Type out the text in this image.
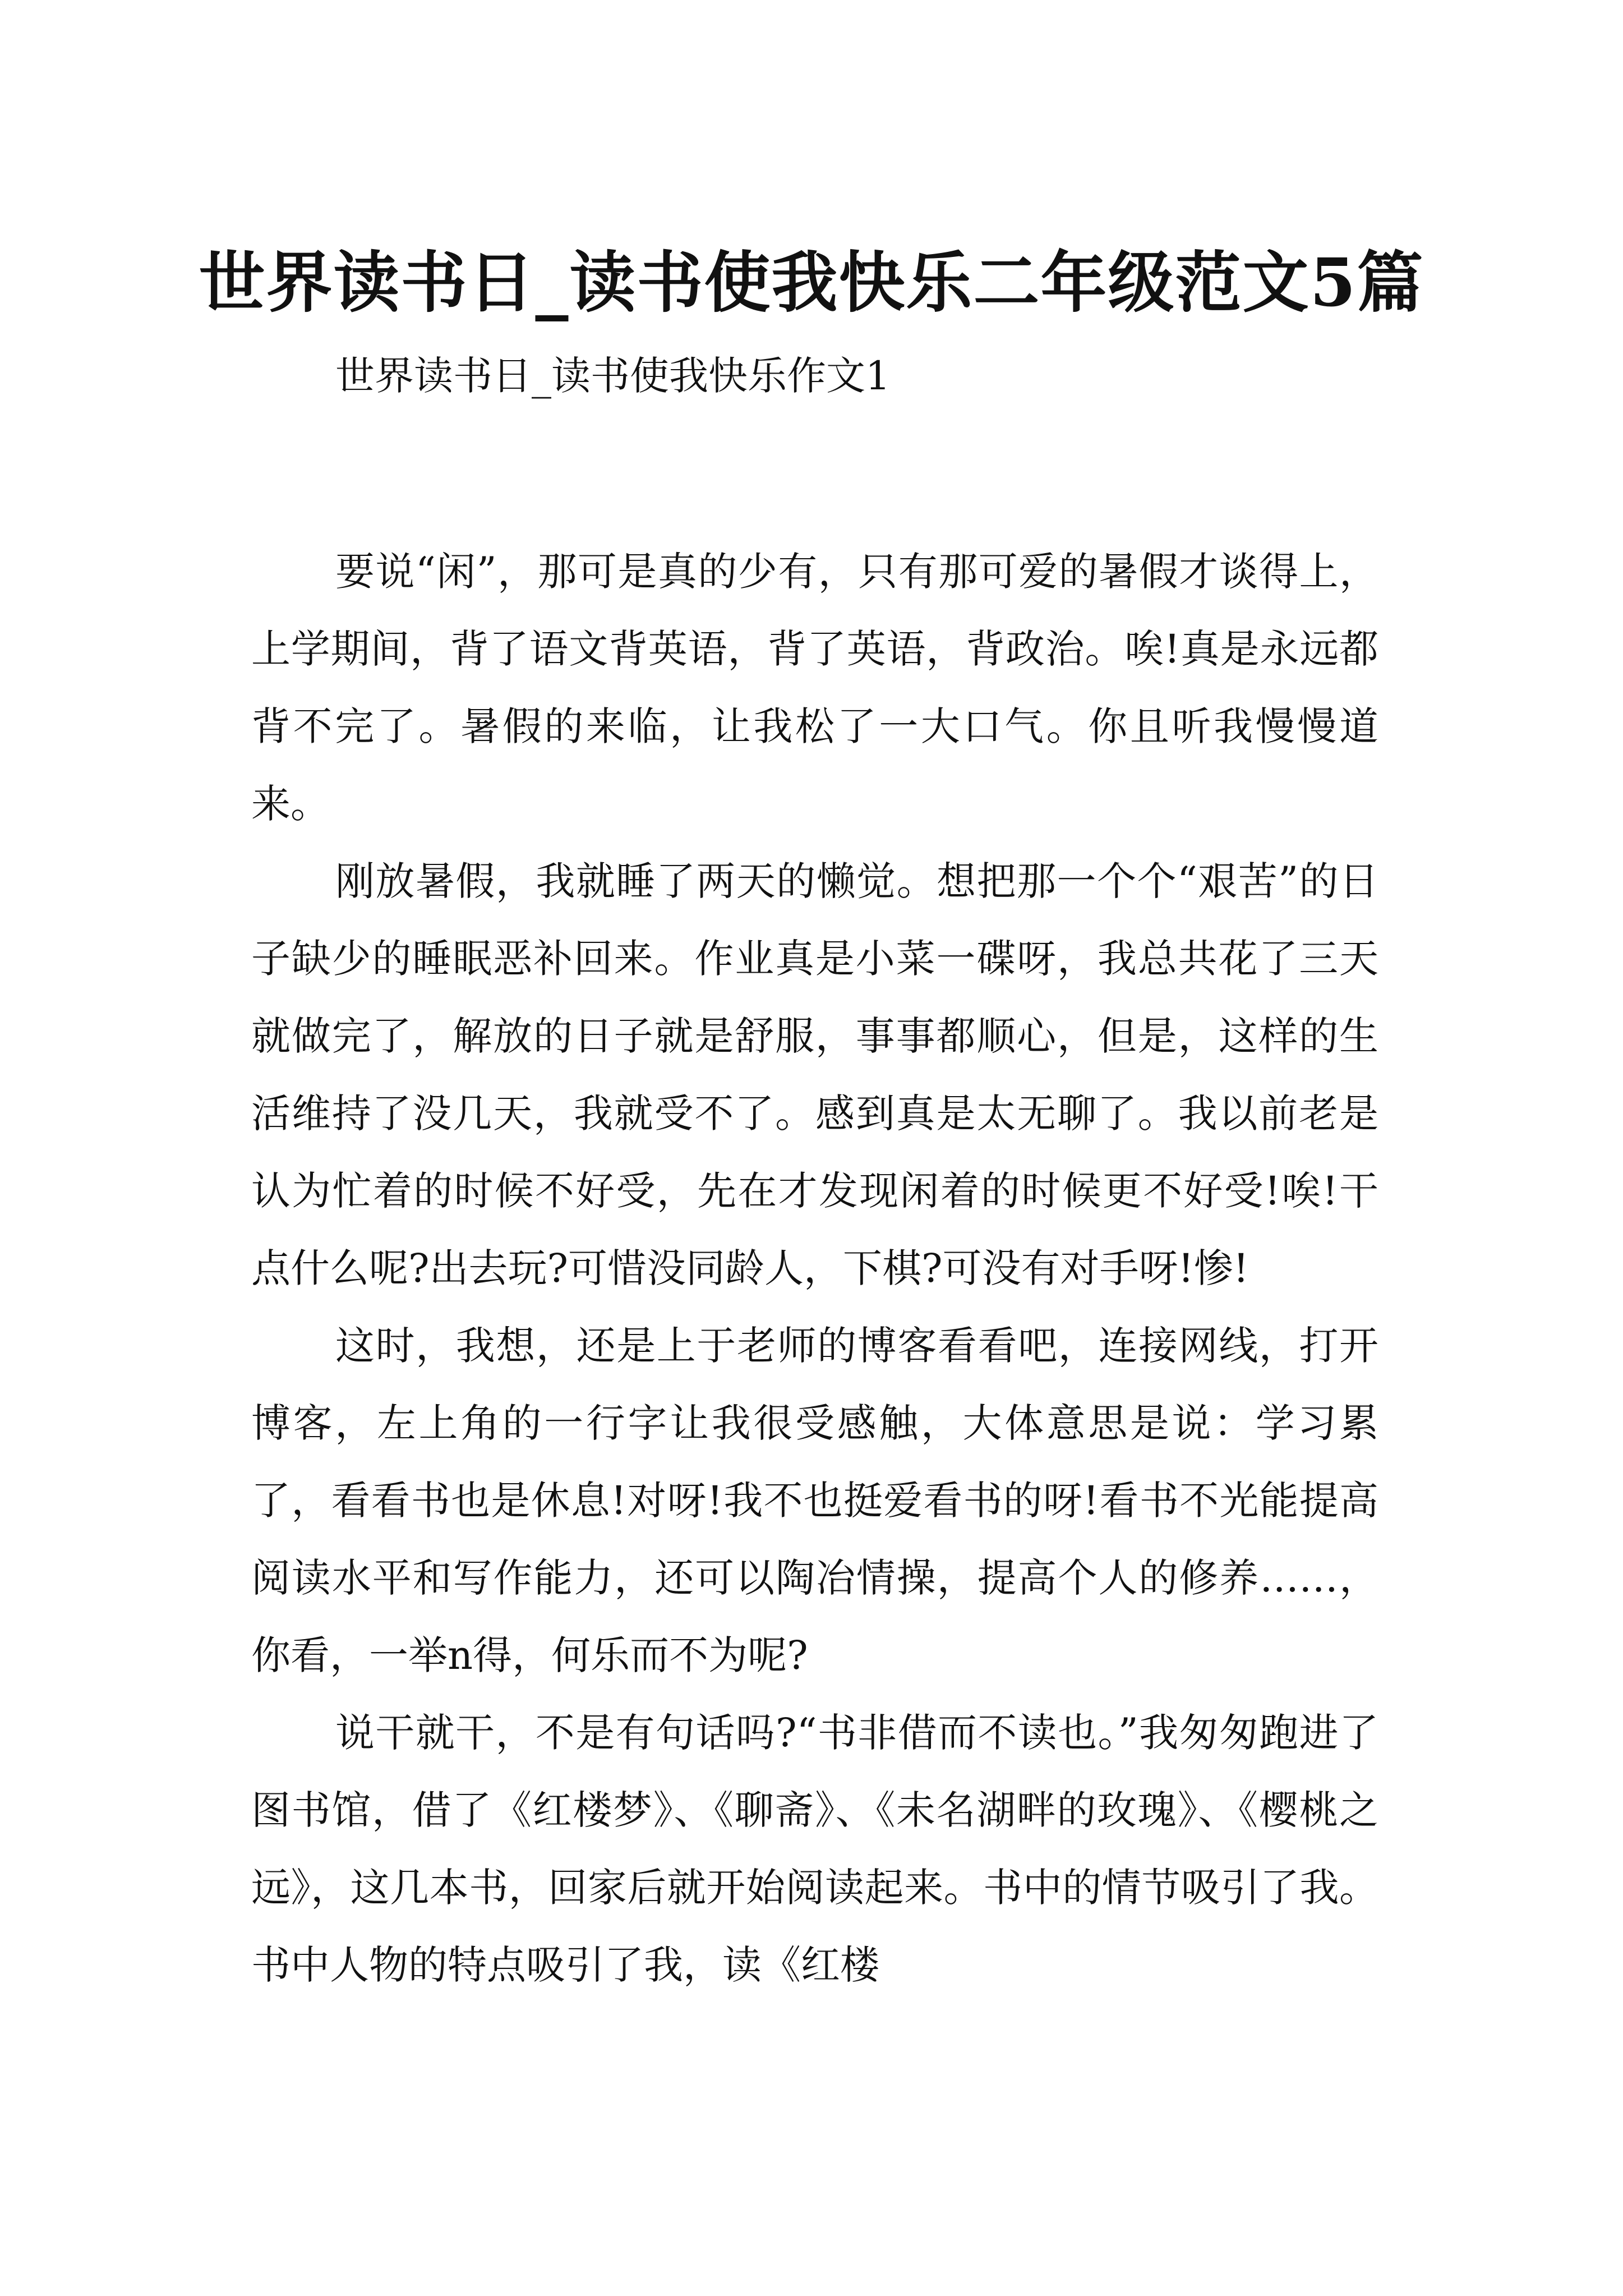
世界读书日_读书使我快乐二年级范文5篇
世界读书日_读书使我快乐作文1

要说“闲”，那可是真的少有，只有那可爱的暑假才谈得上，上学期间，背了语文背英语，背了英语，背政治。唉!真是永远都背不完了。暑假的来临，让我松了一大口气。你且听我慢慢道来。

刚放暑假，我就睡了两天的懒觉。想把那一个个“艰苦”的日子缺少的睡眠恶补回来。作业真是小菜一碟呀，我总共花了三天就做完了，解放的日子就是舒服，事事都顺心，但是，这样的生活维持了没几天，我就受不了。感到真是太无聊了。我以前老是认为忙着的时候不好受，先在才发现闲着的时候更不好受!唉!干点什么呢?出去玩?可惜没同龄人，下棋?可没有对手呀!惨!

这时，我想，还是上于老师的博客看看吧，连接网线，打开博客，左上角的一行字让我很受感触，大体意思是说：学习累了，看看书也是休息!对呀!我不也挺爱看书的呀!看书不光能提高阅读水平和写作能力，还可以陶冶情操，提高个人的修养……，你看，一举n得，何乐而不为呢?

说干就干，不是有句话吗?“书非借而不读也。”我匆匆跑进了图书馆，借了《红楼梦》、《聊斋》、《未名湖畔的玫瑰》、《樱桃之远》，这几本书，回家后就开始阅读起来。书中的情节吸引了我。书中人物的特点吸引了我，读《红楼
